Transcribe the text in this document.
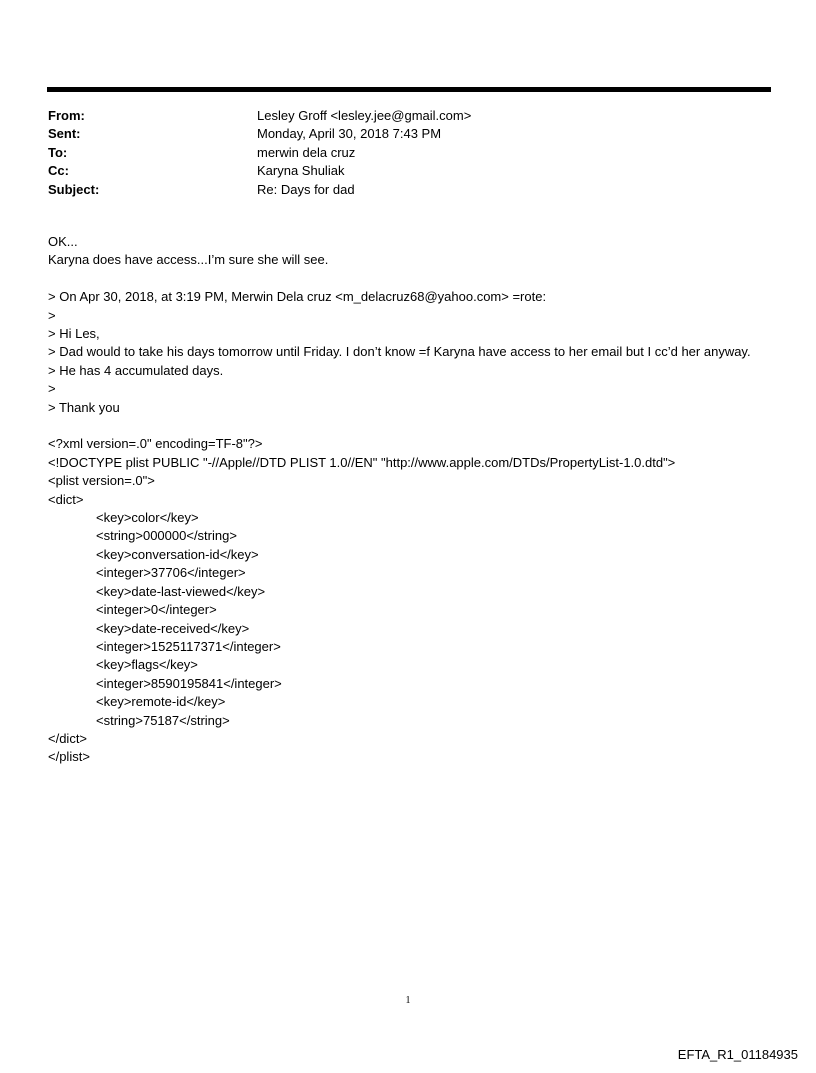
From:	Lesley Groff <lesley.jee@gmail.com>
Sent:	Monday, April 30, 2018 7:43 PM
To:	merwin dela cruz
Cc:	Karyna Shuliak
Subject:	Re: Days for dad
OK...
Karyna does have access...I’m sure she will see.
> On Apr 30, 2018, at 3:19 PM, Merwin Dela cruz <m_delacruz68@yahoo.com> =rote:
>
> Hi Les,
> Dad would to take his days tomorrow until Friday. I don’t know =f Karyna have access to her email but I cc’d her anyway.
> He has 4 accumulated days.
>
> Thank you
<?xml version=.0" encoding=TF-8"?>
<!DOCTYPE plist PUBLIC "-//Apple//DTD PLIST 1.0//EN" "http://www.apple.com/DTDs/PropertyList-1.0.dtd">
<plist version=.0">
<dict>
<key>color</key>
<string>000000</string>
<key>conversation-id</key>
<integer>37706</integer>
<key>date-last-viewed</key>
<integer>0</integer>
<key>date-received</key>
<integer>1525117371</integer>
<key>flags</key>
<integer>8590195841</integer>
<key>remote-id</key>
<string>75187</string>
</dict>
</plist>
1
EFTA_R1_01184935
